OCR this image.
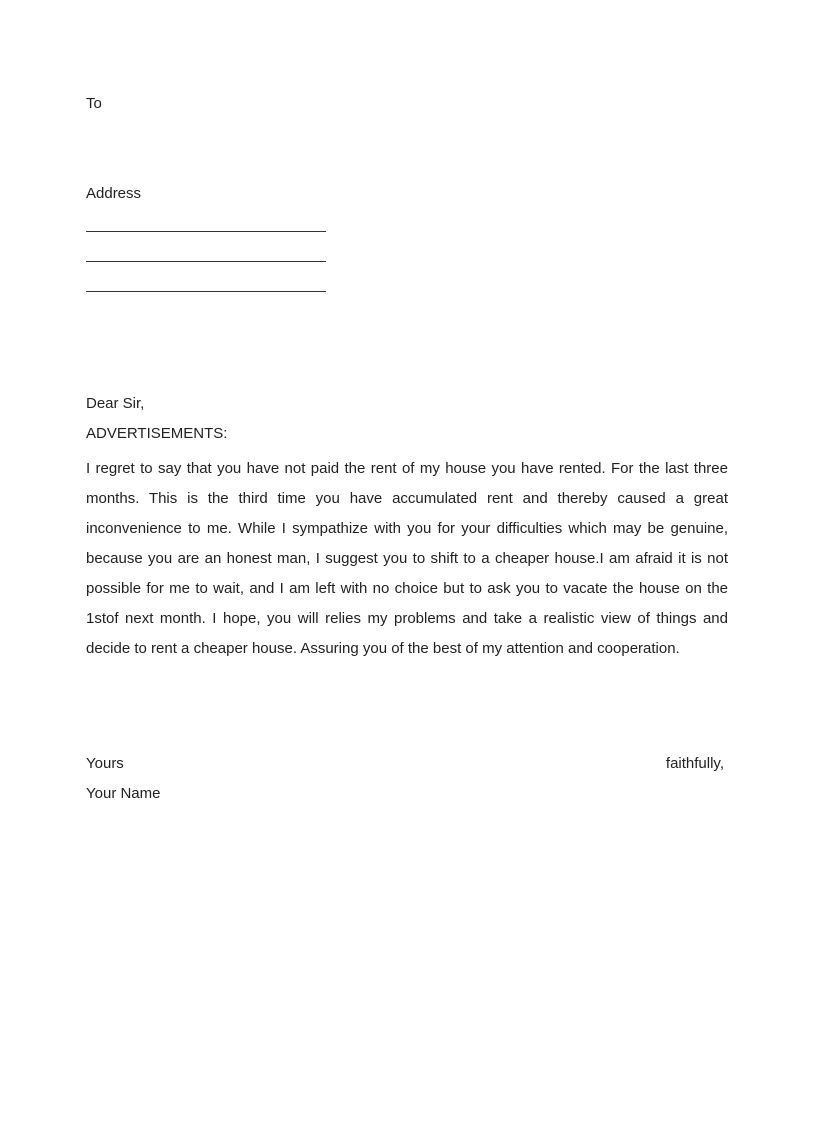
To
Address
Dear Sir,
ADVERTISEMENTS:
I regret to say that you have not paid the rent of my house you have rented. For the last three months. This is the third time you have accumulated rent and thereby caused a great inconvenience to me. While I sympathize with you for your difficulties which may be genuine, because you are an honest man, I suggest you to shift to a cheaper house.I am afraid it is not possible for me to wait, and I am left with no choice but to ask you to vacate the house on the 1stof next month. I hope, you will relies my problems and take a realistic view of things and decide to rent a cheaper house. Assuring you of the best of my attention and cooperation.
Yours	faithfully,
Your Name
